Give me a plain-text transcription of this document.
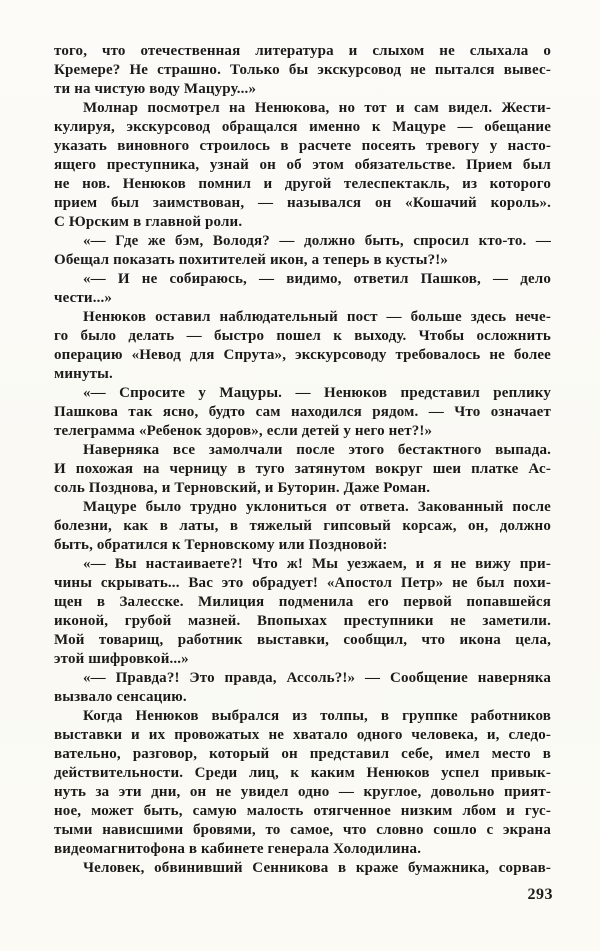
того, что отечественная литература и слыхом не слыхала о
Кремере? Не страшно. Только бы экскурсовод не пытался вывес-
ти на чистую воду Мацуру...»
Молнар посмотрел на Ненюкова, но тот и сам видел. Жести-
кулируя, экскурсовод обращался именно к Мацуре — обещание
указать виновного строилось в расчете посеять тревогу у насто-
ящего преступника, узнай он об этом обязательстве. Прием был
не нов. Ненюков помнил и другой телеспектакль, из которого
прием был заимствован, — назывался он «Кошачий король».
С Юрским в главной роли.
«— Где же бэм, Володя? — должно быть, спросил кто-то. —
Обещал показать похитителей икон, а теперь в кусты?!»
«— И не собираюсь, — видимо, ответил Пашков, — дело
чести...»
Ненюков оставил наблюдательный пост — больше здесь нече-
го было делать — быстро пошел к выходу. Чтобы осложнить
операцию «Невод для Спрута», экскурсоводу требовалось не более
минуты.
«— Спросите у Мацуры. — Ненюков представил реплику
Пашкова так ясно, будто сам находился рядом. — Что означает
телеграмма «Ребенок здоров», если детей у него нет?!»
Наверняка все замолчали после этого бестактного выпада.
И похожая на черницу в туго затянутом вокруг шеи платке Ас-
соль Позднова, и Терновский, и Буторин. Даже Роман.
Мацуре было трудно уклониться от ответа. Закованный после
болезни, как в латы, в тяжелый гипсовый корсаж, он, должно
быть, обратился к Терновскому или Поздновой:
«— Вы настаиваете?! Что ж! Мы уезжаем, и я не вижу при-
чины скрывать... Вас это обрадует! «Апостол Петр» не был похи-
щен в Залесске. Милиция подменила его первой попавшейся
иконой, грубой мазней. Впопыхах преступники не заметили.
Мой товарищ, работник выставки, сообщил, что икона цела,
этой шифровкой...»
«— Правда?! Это правда, Ассоль?!» — Сообщение наверняка
вызвало сенсацию.
Когда Ненюков выбрался из толпы, в группке работников
выставки и их провожатых не хватало одного человека, и, следо-
вательно, разговор, который он представил себе, имел место в
действительности. Среди лиц, к каким Ненюков успел привык-
нуть за эти дни, он не увидел одно — круглое, довольно прият-
ное, может быть, самую малость отягченное низким лбом и гус-
тыми нависшими бровями, то самое, что словно сошло с экрана
видеомагнитофона в кабинете генерала Холодилина.
Человек, обвинивший Сенникова в краже бумажника, сорвав-
293
